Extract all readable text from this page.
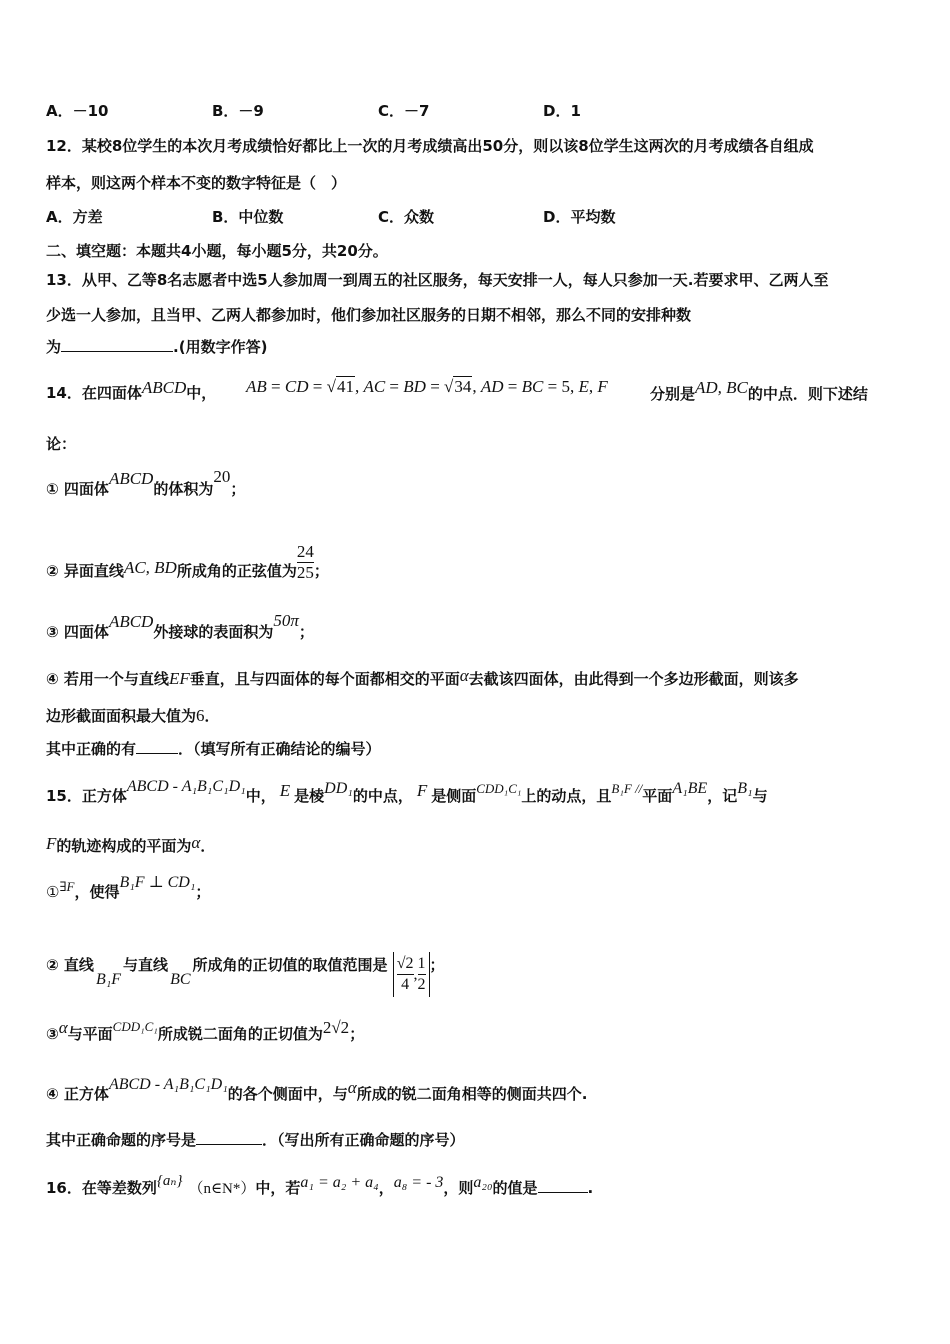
A．－10	B．－9	C．－7	D．1
12．某校8位学生的本次月考成绩恰好都比上一次的月考成绩高出50分，则以该8位学生这两次的月考成绩各自组成
样本，则这两个样本不变的数字特征是（　）
A．方差	B．中位数	C．众数	D．平均数
二、填空题：本题共4小题，每小题5分，共20分。
13．从甲、乙等8名志愿者中选5人参加周一到周五的社区服务，每天安排一人，每人只参加一天.若要求甲、乙两人至
少选一人参加，且当甲、乙两人都参加时，他们参加社区服务的日期不相邻，那么不同的安排种数
为	.(用数字作答)
14．在四面体ABCD中， AB = CD = √41, AC = BD = √34, AD = BC = 5, E, F	分别是AD, BC的中点．则下述结
论：
① 四面体ABCD的体积为20；
② 异面直线AC, BD所成角的正弦值为 $\frac{24}{25}$ ；
③ 四面体ABCD外接球的表面积为50π；
④ 若用一个与直线EF垂直，且与四面体的每个面都相交的平面α去截该四面体，由此得到一个多边形截面，则该多
边形截面面积最大值为6．
其中正确的有	．（填写所有正确结论的编号）
15．正方体ABCD - A₁B₁C₁D₁中， E 是棱DD₁的中点， F 是侧面CDD₁C₁上的动点，且B₁F //平面A₁BE，记B₁与
F的轨迹构成的平面为α．
①∃F，使得B₁F ⊥ CD₁；
② 直线B₁F与直线BC所成角的正切值的取值范围是 $\frac{√2}{4}$ , $\frac{1}{2}$ ；
③α与平面CDD₁C₁所成锐二面角的正切值为2√2；
④ 正方体ABCD - A₁B₁C₁D₁的各个侧面中，与α所成的锐二面角相等的侧面共四个.
其中正确命题的序号是	．（写出所有正确命题的序号）
16．在等差数列{aₙ} （n∈N*）中，若a₁ = a₂ + a₄，a₈ = - 3，则a₂₀的值是	.
